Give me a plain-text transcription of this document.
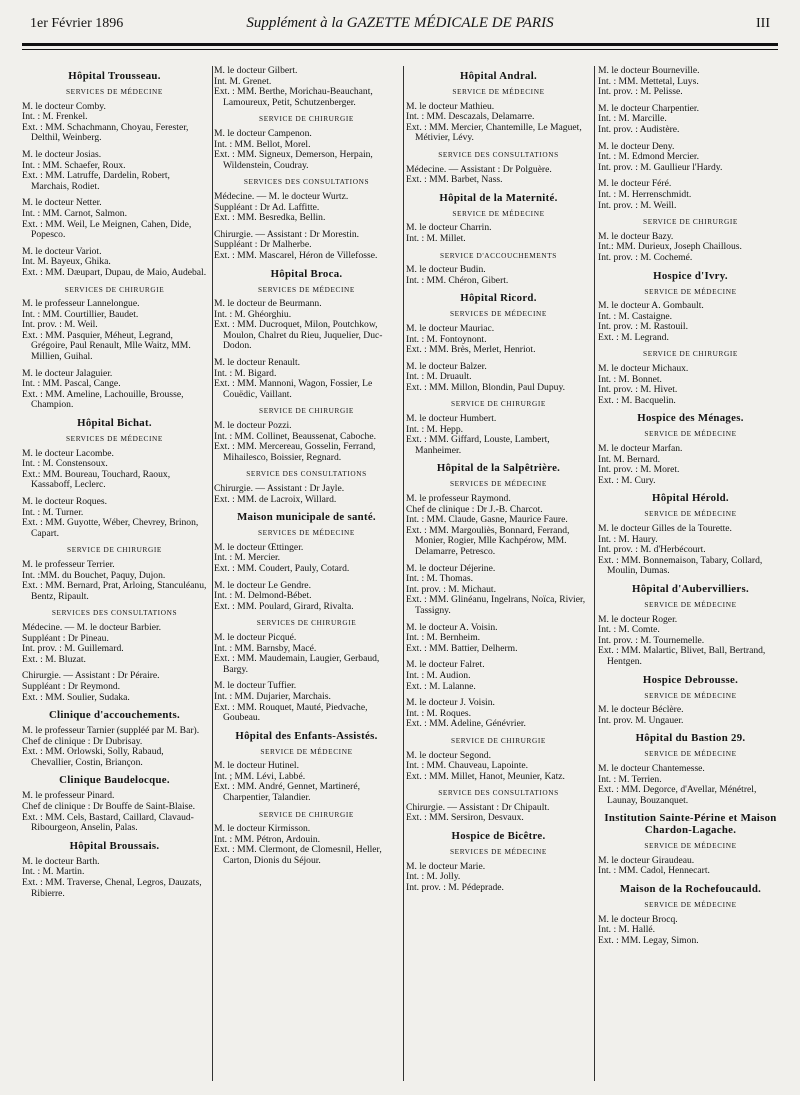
1er Février 1896	Supplément à la GAZETTE MÉDICALE DE PARIS	III
Hôpital Trousseau.
SERVICES DE MÉDECINE
M. le docteur Comby.
Int. : M. Frenkel.
Ext. : MM. Schachmann, Choyau, Ferester, Delthil, Weinberg.
M. le docteur Josias.
Int. : MM. Schaefer, Roux.
Ext. : MM. Latruffe, Dardelin, Robert, Marchais, Rodiet.
M. le docteur Netter.
Int. : MM. Carnot, Salmon.
Ext. : MM. Weil, Le Meignen, Cahen, Dide, Popesco.
M. le docteur Variot.
Int. M. Bayeux, Ghika.
Ext. : MM. Dæupart, Dupau, de Maio, Audebal.
SERVICES DE CHIRURGIE
M. le professeur Lannelongue.
Int. : MM. Courtillier, Baudet.
Int. prov. : M. Weil.
Ext. : MM. Pasquier, Méheut, Legrand, Grégoire, Paul Renault, Mlle Waitz, MM. Millien, Guihal.
M. le docteur Jalaguier.
Int. : MM. Pascal, Cange.
Ext. : MM. Ameline, Lachouille, Brousse, Champion.
Hôpital Bichat.
SERVICES DE MÉDECINE
M. le docteur Lacombe.
Int. : M. Constensoux.
Ext.: MM. Boureau, Touchard, Raoux, Kassaboff, Leclerc.
M. le docteur Roques.
Int. : M. Turner.
Ext. : MM. Guyotte, Wéber, Chevrey, Brinon, Capart.
SERVICE DE CHIRURGIE
M. le professeur Terrier.
Int. :MM. du Bouchet, Paquy, Dujon.
Ext. : MM. Bernard, Prat, Arloing, Stanculéanu, Bentz, Ripault.
SERVICES DES CONSULTATIONS
Médecine. — M. le docteur Barbier.
Suppléant : Dr Pineau.
Int. prov. : M. Guillemard.
Ext. : M. Bluzat.
Chirurgie. — Assistant : Dr Péraire.
Suppléant : Dr Reymond.
Ext. : MM. Soulier, Sudaka.
Clinique d'accouchements.
M. le professeur Tarnier (suppléé par M. Bar).
Chef de clinique : Dr Dubrisay.
Ext. : MM. Orlowski, Solly, Rabaud, Chevallier, Costin, Briançon.
Clinique Baudelocque.
M. le professeur Pinard.
Chef de clinique : Dr Bouffe de Saint-Blaise.
Ext. : MM. Cels, Bastard, Caillard, Clavaud-Ribourgeon, Anselin, Palas.
Hôpital Broussais.
M. le docteur Barth.
Int. : M. Martin.
Ext. : MM. Traverse, Chenal, Legros, Dauzats, Ribierre.
M. le docteur Gilbert.
Int. M. Grenet.
Ext. : MM. Berthe, Morichau-Beauchant, Lamoureux, Petit, Schutzenberger.
SERVICE DE CHIRURGIE
M. le docteur Campenon.
Int. : MM. Bellot, Morel.
Ext. : MM. Signeux, Demerson, Herpain, Wildenstein, Coudray.
SERVICES DES CONSULTATIONS
Médecine. — M. le docteur Wurtz.
Suppléant : Dr Ad. Laffitte.
Ext. : MM. Besredka, Bellin.
Chirurgie. — Assistant : Dr Morestin.
Suppléant : Dr Malherbe.
Ext. : MM. Mascarel, Héron de Villefosse.
Hôpital Broca.
SERVICES DE MÉDECINE
M. le docteur de Beurmann.
Int. : M. Ghéorghiu.
Ext. : MM. Ducroquet, Milon, Poutchkow, Moulon, Chalret du Rieu, Juquelier, Duc-Dodon.
M. le docteur Renault.
Int. : M. Bigard.
Ext. : MM. Mannoni, Wagon, Fossier, Le Couëdic, Vaillant.
SERVICE DE CHIRURGIE
M. le docteur Pozzi.
Int. : MM. Collinet, Beaussenat, Caboche.
Ext. : MM. Mercereau, Gosselin, Ferrand, Mihailesco, Boissier, Regnard.
SERVICE DES CONSULTATIONS
Chirurgie. — Assistant : Dr Jayle.
Ext. : MM. de Lacroix, Willard.
Maison municipale de santé.
SERVICES DE MÉDECINE
M. le docteur Œttinger.
Int. : M. Mercier.
Ext. : MM. Coudert, Pauly, Cotard.
M. le docteur Le Gendre.
Int. : M. Delmond-Bébet.
Ext. : MM. Poulard, Girard, Rivalta.
SERVICES DE CHIRURGIE
M. le docteur Picqué.
Int. : MM. Barnsby, Macé.
Ext. : MM. Maudemain, Laugier, Gerbaud, Bargy.
M. le docteur Tuffier.
Int. : MM. Dujarier, Marchais.
Ext. : MM. Rouquet, Mauté, Piedvache, Goubeau.
Hôpital des Enfants-Assistés.
SERVICE DE MÉDECINE
M. le docteur Hutinel.
Int. ; MM. Lévi, Labbé.
Ext. : MM. André, Gennet, Martineré, Charpentier, Talandier.
SERVICE DE CHIRURGIE
M. le docteur Kirmisson.
Int. : MM. Pétron, Ardouin.
Ext. : MM. Clermont, de Clomesnil, Heller, Carton, Dionis du Séjour.
Hôpital Andral.
SERVICE DE MÉDECINE
M. le docteur Mathieu.
Int. : MM. Descazals, Delamarre.
Ext. : MM. Mercier, Chantemille, Le Maguet, Métivier, Lévy.
SERVICE DES CONSULTATIONS
Médecine. — Assistant : Dr Polguère.
Ext. : MM. Barbet, Nass.
Hôpital de la Maternité.
SERVICE DE MÉDECINE
M. le docteur Charrin.
Int. : M. Millet.
SERVICE D'ACCOUCHEMENTS
M. le docteur Budin.
Int. : MM. Chéron, Gibert.
Hôpital Ricord.
SERVICES DE MÉDECINE
M. le docteur Mauriac.
Int. : M. Fontoynont.
Ext. : MM. Brès, Merlet, Henriot.
M. le docteur Balzer.
Int. : M. Druault.
Ext. : MM. Millon, Blondin, Paul Dupuy.
SERVICE DE CHIRURGIE
M. le docteur Humbert.
Int. : M. Hepp.
Ext. : MM. Giffard, Louste, Lambert, Manheimer.
Hôpital de la Salpêtrière.
SERVICES DE MÉDECINE
M. le professeur Raymond.
Chef de clinique : Dr J.-B. Charcot.
Int. : MM. Claude, Gasne, Maurice Faure.
Ext. : MM. Margouliès, Bonnard, Ferrand, Monier, Rogier, Mlle Kachpérow, MM. Delamarre, Petresco.
M. le docteur Déjerine.
Int. : M. Thomas.
Int. prov. : M. Michaut.
Ext. : MM. Glinéanu, Ingelrans, Noïca, Rivier, Tassigny.
M. le docteur A. Voisin.
Int. : M. Bernheim.
Ext. : MM. Battier, Delherm.
M. le docteur Falret.
Int. : M. Audion.
Ext. : M. Lalanne.
M. le docteur J. Voisin.
Int. : M. Roques.
Ext. : MM. Adeline, Génévrier.
SERVICE DE CHIRURGIE
M. le docteur Segond.
Int. : MM. Chauveau, Lapointe.
Ext. : MM. Millet, Hanot, Meunier, Katz.
SERVICE DES CONSULTATIONS
Chirurgie. — Assistant : Dr Chipault.
Ext. : MM. Sersiron, Desvaux.
Hospice de Bicêtre.
SERVICES DE MÉDECINE
M. le docteur Marie.
Int. : M. Jolly.
Int. prov. : M. Pédeprade.
M. le docteur Bourneville.
Int. : MM. Mettetal, Luys.
Int. prov. : M. Pelisse.
M. le docteur Charpentier.
Int. : M. Marcille.
Int. prov. : Audistère.
M. le docteur Deny.
Int. : M. Edmond Mercier.
Int. prov. : M. Gaullieur l'Hardy.
M. le docteur Féré.
Int. : M. Herrenschmidt.
Int. prov. : M. Weill.
SERVICE DE CHIRURGIE
M. le docteur Bazy.
Int.: MM. Durieux, Joseph Chaillous.
Int. prov. : M. Cochemé.
Hospice d'Ivry.
SERVICE DE MÉDECINE
M. le docteur A. Gombault.
Int. : M. Castaigne.
Int. prov. : M. Rastouil.
Ext. : M. Legrand.
SERVICE DE CHIRURGIE
M. le docteur Michaux.
Int. : M. Bonnet.
Int. prov. : M. Hivet.
Ext. : M. Bacquelin.
Hospice des Ménages.
SERVICE DE MÉDECINE
M. le docteur Marfan.
Int. M. Bernard.
Int. prov. : M. Moret.
Ext. : M. Cury.
Hôpital Hérold.
SERVICE DE MÉDECINE
M. le docteur Gilles de la Tourette.
Int. : M. Haury.
Int. prov. : M. d'Herbécourt.
Ext. : MM. Bonnemaison, Tabary, Collard, Moulin, Dumas.
Hôpital d'Aubervilliers.
SERVICE DE MÉDECINE
M. le docteur Roger.
Int. : M. Comte.
Int. prov. : M. Tournemelle.
Ext. : MM. Malartic, Blivet, Ball, Bertrand, Hentgen.
Hospice Debrousse.
SERVICE DE MÉDECINE
M. le docteur Béclère.
Int. prov. M. Ungauer.
Hôpital du Bastion 29.
SERVICE DE MÉDECINE
M. le docteur Chantemesse.
Int. : M. Terrien.
Ext. : MM. Degorce, d'Avellar, Ménétrel, Launay, Bouzanquet.
Institution Sainte-Périne et Maison Chardon-Lagache.
SERVICE DE MÉDECINE
M. le docteur Giraudeau.
Int. : MM. Cadol, Hennecart.
Maison de la Rochefoucauld.
SERVICE DE MÉDECINE
M. le docteur Brocq.
Int. : M. Hallé.
Ext. : MM. Legay, Simon.
